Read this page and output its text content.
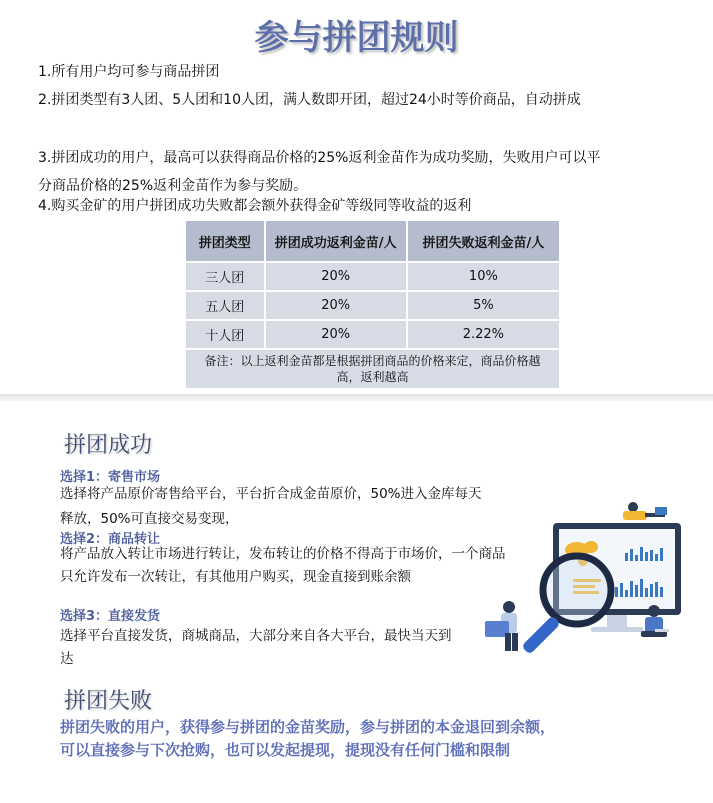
参与拼团规则
1.所有用户均可参与商品拼团
2.拼团类型有3人团、5人团和10人团，满人数即开团，超过24小时等价商品，自动拼成
3.拼团成功的用户，最高可以获得商品价格的25%返利金苗作为成功奖励，失败用户可以平分商品价格的25%返利金苗作为参与奖励。
4.购买金矿的用户拼团成功失败都会额外获得金矿等级同等收益的返利
拼团类型	拼团成功返利金苗/人	拼团失败返利金苗/人
三人团	20%	10%
五人团	20%	5%
十人团	20%	2.22%
备注：以上返利金苗都是根据拼团商品的价格来定，商品价格越高，返利越高		
拼团成功
选择1：寄售市场
选择将产品原价寄售给平台，平台折合成金苗原价，50%进入金库每天释放，50%可直接交易变现，
选择2：商品转让
将产品放入转让市场进行转让，发布转让的价格不得高于市场价，一个商品只允许发布一次转让，有其他用户购买，现金直接到账余额
选择3：直接发货
选择平台直接发货，商城商品，大部分来自各大平台，最快当天到达
拼团失败
拼团失败的用户，获得参与拼团的金苗奖励，参与拼团的本金退回到余额，可以直接参与下次抢购，也可以发起提现，提现没有任何门槛和限制
